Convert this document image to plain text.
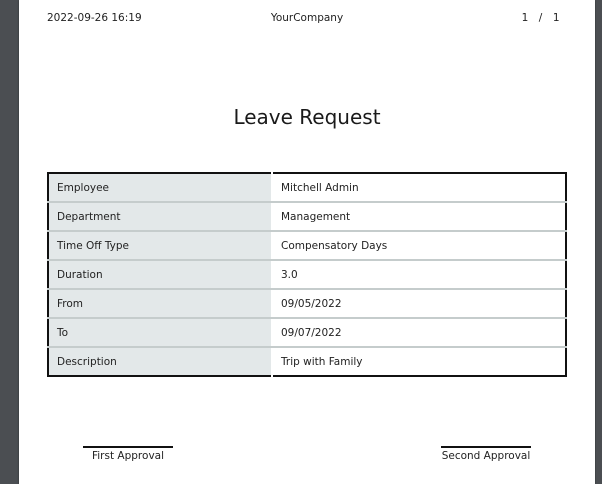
2022-09-26 16:19	YourCompany	1 / 1
Leave Request
Employee	Mitchell Admin
Department	Management
Time Off Type	Compensatory Days
Duration	3.0
From	09/05/2022
To	09/07/2022
Description	Trip with Family
First Approval	Second Approval
